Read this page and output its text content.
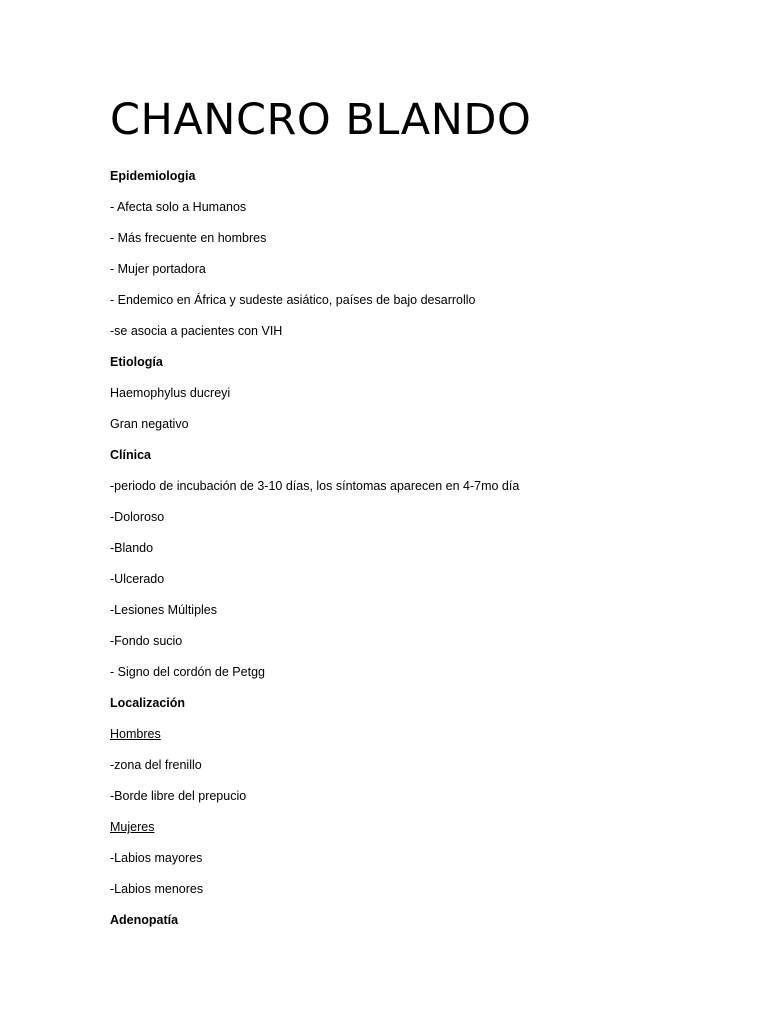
CHANCRO BLANDO
Epidemiologia
- Afecta solo a Humanos
- Más frecuente en hombres
- Mujer portadora
- Endemico en África y sudeste asiático, países de bajo desarrollo
-se asocia a pacientes con VIH
Etiología
Haemophylus ducreyi
Gran negativo
Clínica
-periodo de incubación de 3-10 días, los síntomas aparecen en 4-7mo día
-Doloroso
-Blando
-Ulcerado
-Lesiones Múltiples
-Fondo sucio
- Signo del cordón de Petgg
Localización
Hombres
-zona del frenillo
-Borde libre del prepucio
Mujeres
-Labios mayores
-Labios menores
Adenopatía
